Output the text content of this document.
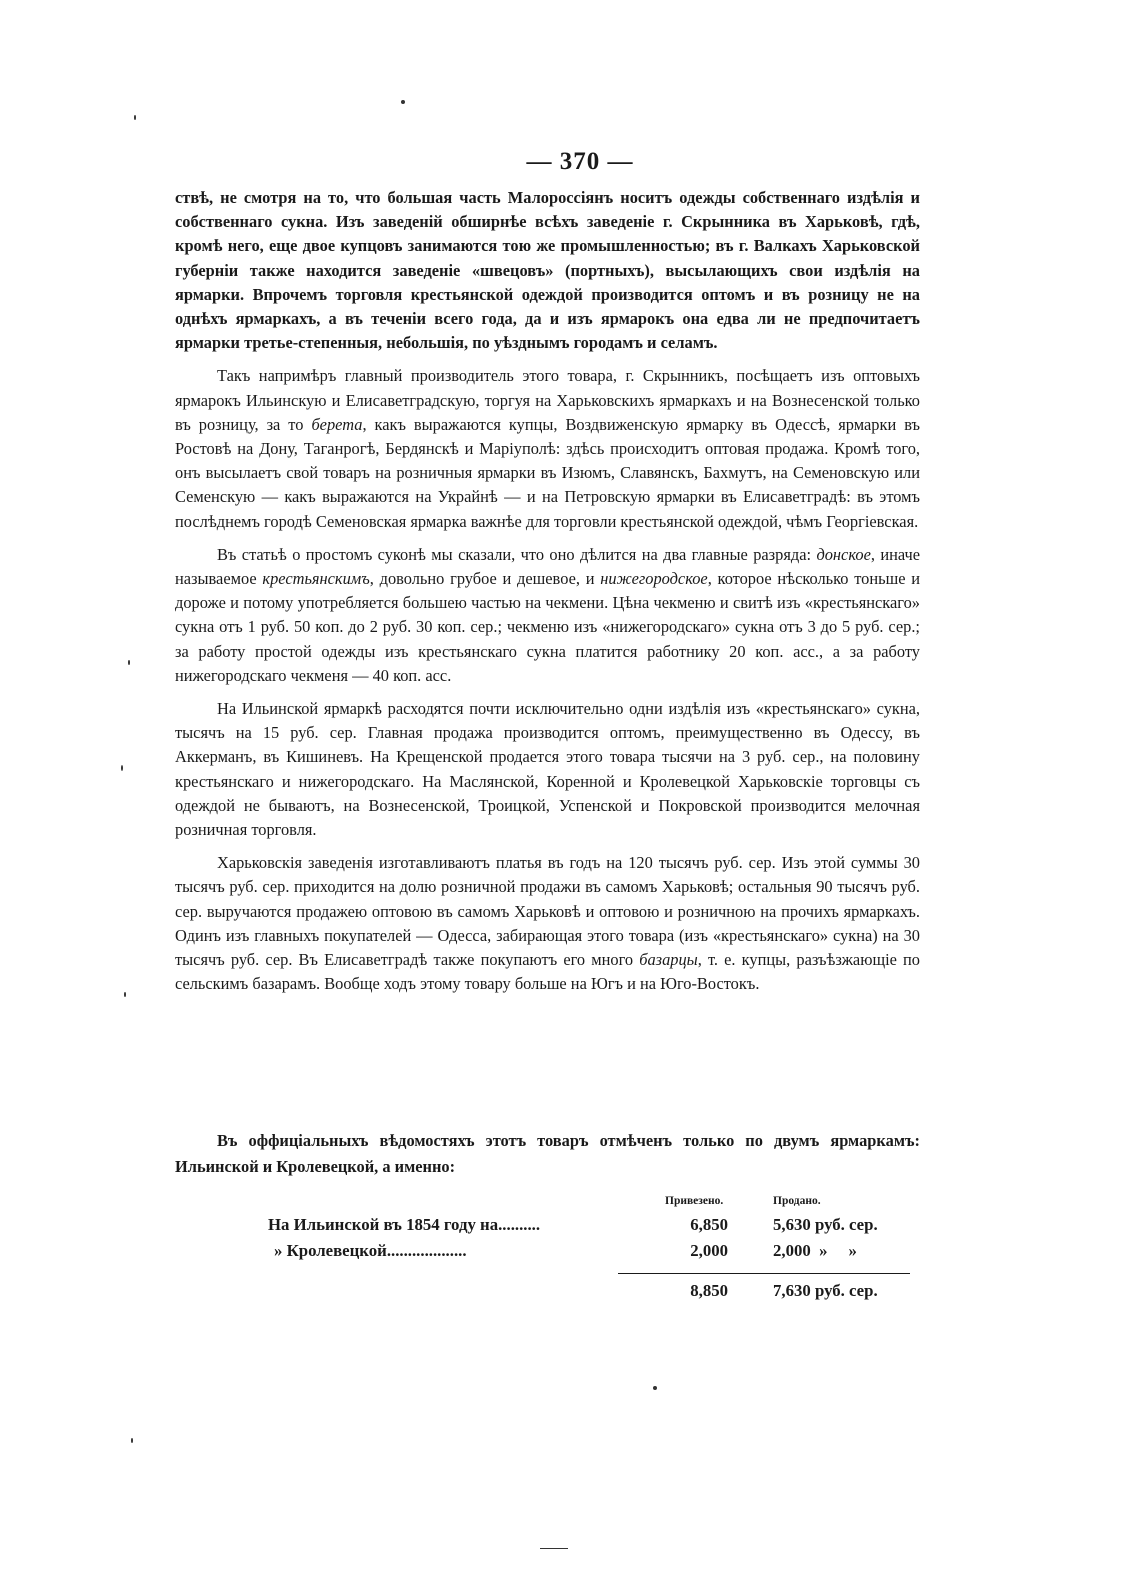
— 370 —

ствѣ, не смотря на то, что большая часть Малороссіянъ носитъ одежды собственнаго издѣлія и собственнаго сукна. Изъ заведеній обширнѣе всѣхъ заведеніе г. Скрынника въ Харьковѣ, гдѣ, кромѣ него, еще двое купцовъ занимаются тою же промышленностью; въ г. Валкахъ Харьковской губерніи также находится заведеніе «швецовъ» (портныхъ), высылающихъ свои издѣлія на ярмарки. Впрочемъ торговля крестьянской одеждой производится оптомъ и въ розницу не на однѣхъ ярмаркахъ, а въ теченіи всего года, да и изъ ярмарокъ она едва ли не предпочитаетъ ярмарки третье-степенныя, небольшія, по уѣзднымъ городамъ и селамъ.

Такъ напримѣръ главный производитель этого товара, г. Скрынникъ, посѣщаетъ изъ оптовыхъ ярмарокъ Ильинскую и Елисаветградскую, торгуя на Харьковскихъ ярмаркахъ и на Вознесенской только въ розницу, за то берета, какъ выражаются купцы, Воздвиженскую ярмарку въ Одессѣ, ярмарки въ Ростовѣ на Дону, Таганрогѣ, Бердянскѣ и Маріуполѣ: здѣсь происходитъ оптовая продажа. Кромѣ того, онъ высылаетъ свой товаръ на розничныя ярмарки въ Изюмъ, Славянскъ, Бахмутъ, на Семеновскую или Семенскую — какъ выражаются на Украйнѣ — и на Петровскую ярмарки въ Елисаветградѣ: въ этомъ послѣднемъ городѣ Семеновская ярмарка важнѣе для торговли крестьянской одеждой, чѣмъ Георгіевская.

Въ статьѣ о простомъ суконѣ мы сказали, что оно дѣлится на два главные разряда: донское, иначе называемое крестьянскимъ, довольно грубое и дешевое, и нижегородское, которое нѣсколько тоньше и дороже и потому употребляется большею частью на чекмени. Цѣна чекменю и свитѣ изъ «крестьянскаго» сукна отъ 1 руб. 50 коп. до 2 руб. 30 коп. сер.; чекменю изъ «нижегородскаго» сукна отъ 3 до 5 руб. сер.; за работу простой одежды изъ крестьянскаго сукна платится работнику 20 коп. асс., а за работу нижегородскаго чекменя — 40 коп. асс.

На Ильинской ярмаркѣ расходятся почти исключительно одни издѣлія изъ «крестьянскаго» сукна, тысячъ на 15 руб. сер. Главная продажа производится оптомъ, преимущественно въ Одессу, въ Аккерманъ, въ Кишиневъ. На Крещенской продается этого товара тысячи на 3 руб. сер., на половину крестьянскаго и нижегородскаго. На Маслянской, Коренной и Кролевецкой Харьковскіе торговцы съ одеждой не бываютъ, на Вознесенской, Троицкой, Успенской и Покровской производится мелочная розничная торговля.

Харьковскія заведенія изготавливаютъ платья въ годъ на 120 тысячъ руб. сер. Изъ этой суммы 30 тысячъ руб. сер. приходится на долю розничной продажи въ самомъ Харьковѣ; остальныя 90 тысячъ руб. сер. выручаются продажею оптовою въ самомъ Харьковѣ и оптовою и розничною на прочихъ ярмаркахъ. Одинъ изъ главныхъ покупателей — Одесса, забирающая этого товара (изъ «крестьянскаго» сукна) на 30 тысячъ руб. сер. Въ Елисаветградѣ также покупаютъ его много базарцы, т. е. купцы, разъѣзжающіе по сельскимъ базарамъ. Вообще ходъ этому товару больше на Югъ и на Юго-Востокъ.

Въ оффиціальныхъ вѣдомостяхъ этотъ товаръ отмѣченъ только по двумъ ярмаркамъ: Ильинской и Кролевецкой, а именно:
Привезено.	Продано.
На Ильинской въ 1854 году на..........	6,850	5,630 руб. сер.
» Кролевецкой...................	2,000	2,000  »     »
8,850	7,630 руб. сер.
